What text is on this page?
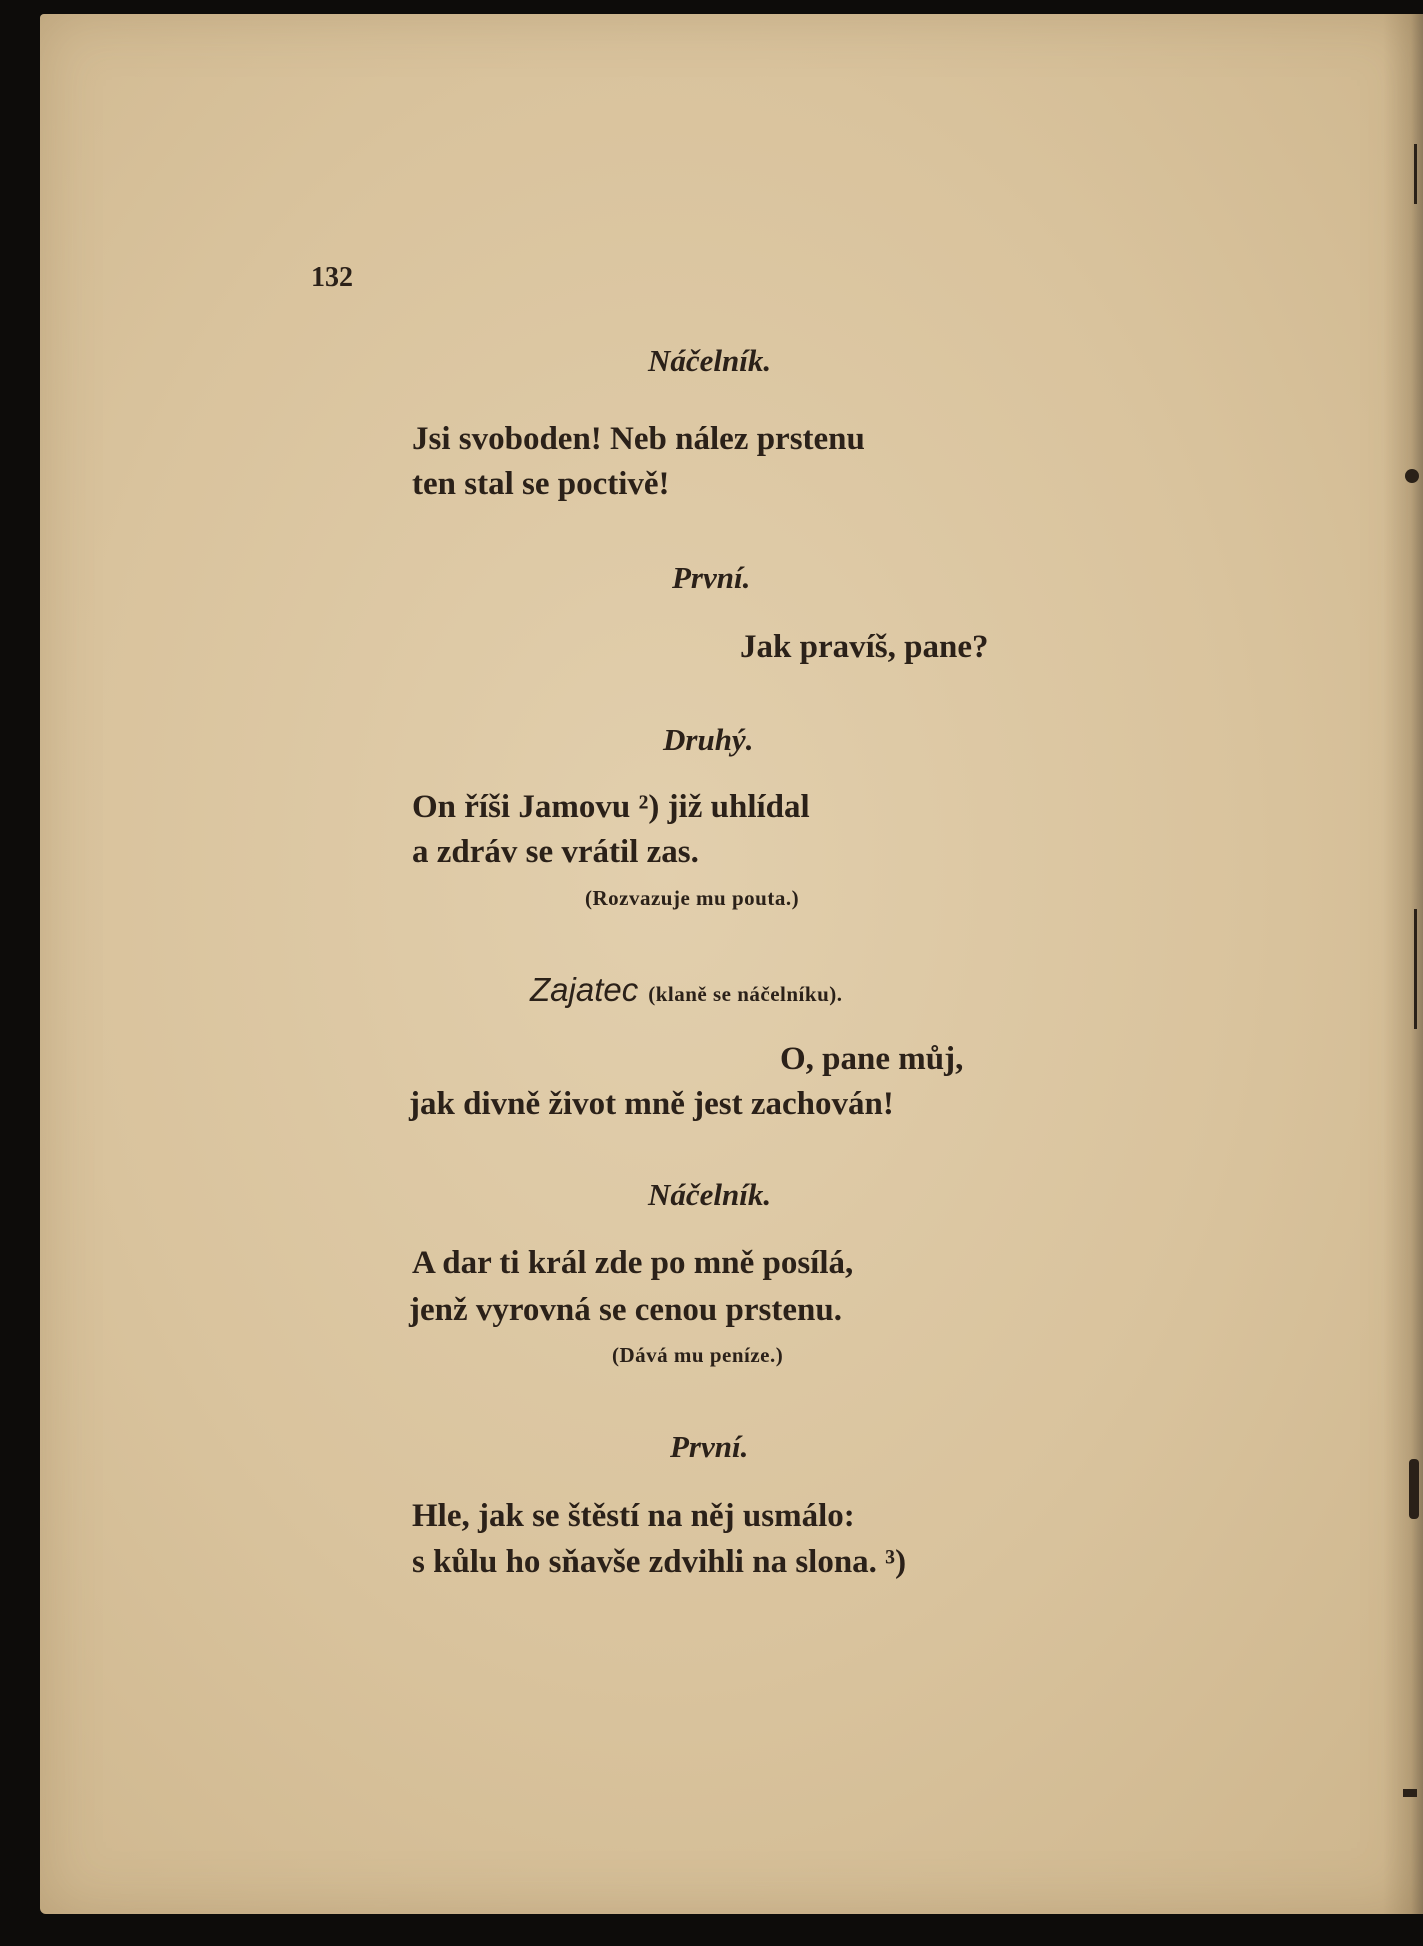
132

Náčelník.

Jsi svoboden! Neb nález prstenu

ten stal se poctivě!

První.

Jak pravíš, pane?

Druhý.

On říši Jamovu ²) již uhlídal

a zdráv se vrátil zas.

(Rozvazuje mu pouta.)

Zajatec (klaně se náčelníku).

O, pane můj,

jak divně život mně jest zachován!

Náčelník.

A dar ti král zde po mně posílá,

jenž vyrovná se cenou prstenu.

(Dává mu peníze.)

První.

Hle, jak se štěstí na něj usmálo:

s kůlu ho sňavše zdvihli na slona. ³)
